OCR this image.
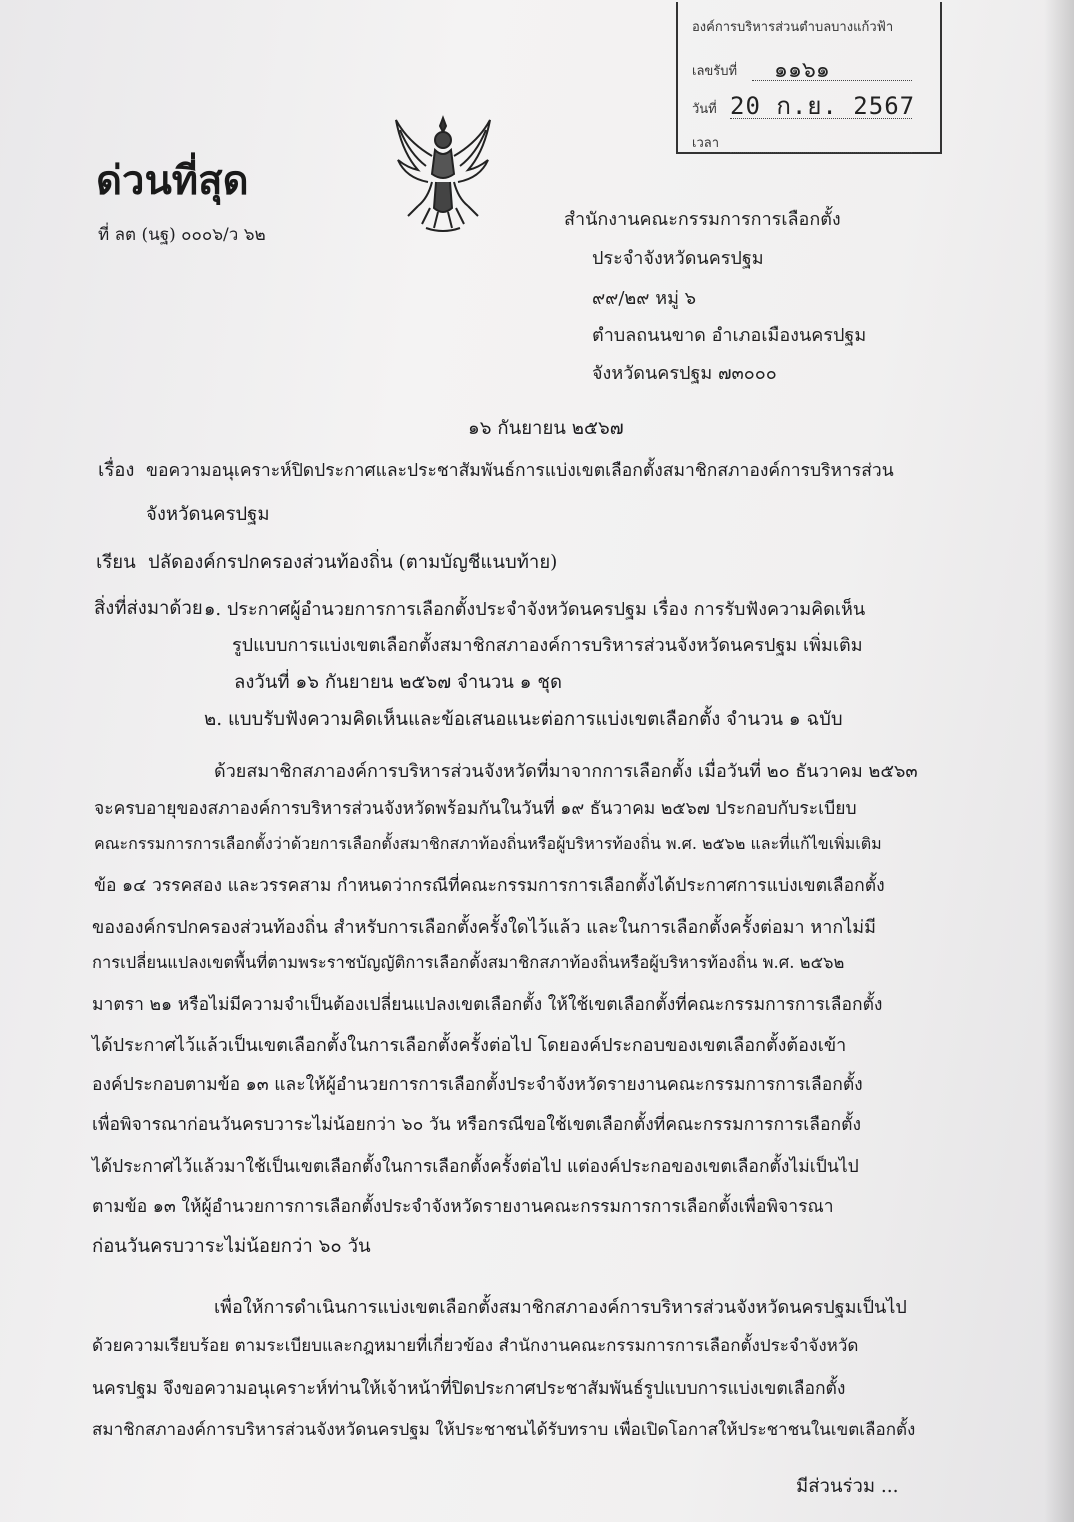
องค์การบริหารส่วนตำบลบางแก้วฟ้า
เลขรับที่	๑๑๖๑
วันที่ 20 ก.ย. 2567
เวลา
ด่วนที่สุด
ที่ ลต (นฐ) ๐๐๐๖/ว ๖๒
สำนักงานคณะกรรมการการเลือกตั้ง
ประจำจังหวัดนครปฐม
๙๙/๒๙ หมู่ ๖
ตำบลถนนขาด อำเภอเมืองนครปฐม
จังหวัดนครปฐม ๗๓๐๐๐
๑๖ กันยายน ๒๕๖๗
เรื่อง ขอความอนุเคราะห์ปิดประกาศและประชาสัมพันธ์การแบ่งเขตเลือกตั้งสมาชิกสภาองค์การบริหารส่วน
จังหวัดนครปฐม
เรียน ปลัดองค์กรปกครองส่วนท้องถิ่น (ตามบัญชีแนบท้าย)
สิ่งที่ส่งมาด้วย ๑. ประกาศผู้อำนวยการการเลือกตั้งประจำจังหวัดนครปฐม เรื่อง การรับฟังความคิดเห็น
รูปแบบการแบ่งเขตเลือกตั้งสมาชิกสภาองค์การบริหารส่วนจังหวัดนครปฐม เพิ่มเติม
ลงวันที่ ๑๖ กันยายน ๒๕๖๗ จำนวน ๑ ชุด
๒. แบบรับฟังความคิดเห็นและข้อเสนอแนะต่อการแบ่งเขตเลือกตั้ง จำนวน ๑ ฉบับ
ด้วยสมาชิกสภาองค์การบริหารส่วนจังหวัดที่มาจากการเลือกตั้ง เมื่อวันที่ ๒๐ ธันวาคม ๒๕๖๓
จะครบอายุของสภาองค์การบริหารส่วนจังหวัดพร้อมกันในวันที่ ๑๙ ธันวาคม ๒๕๖๗ ประกอบกับระเบียบ
คณะกรรมการการเลือกตั้งว่าด้วยการเลือกตั้งสมาชิกสภาท้องถิ่นหรือผู้บริหารท้องถิ่น พ.ศ. ๒๕๖๒ และที่แก้ไขเพิ่มเติม
ข้อ ๑๔ วรรคสอง และวรรคสาม กำหนดว่ากรณีที่คณะกรรมการการเลือกตั้งได้ประกาศการแบ่งเขตเลือกตั้ง
ขององค์กรปกครองส่วนท้องถิ่น สำหรับการเลือกตั้งครั้งใดไว้แล้ว และในการเลือกตั้งครั้งต่อมา หากไม่มี
การเปลี่ยนแปลงเขตพื้นที่ตามพระราชบัญญัติการเลือกตั้งสมาชิกสภาท้องถิ่นหรือผู้บริหารท้องถิ่น พ.ศ. ๒๕๖๒
มาตรา ๒๑ หรือไม่มีความจำเป็นต้องเปลี่ยนแปลงเขตเลือกตั้ง ให้ใช้เขตเลือกตั้งที่คณะกรรมการการเลือกตั้ง
ได้ประกาศไว้แล้วเป็นเขตเลือกตั้งในการเลือกตั้งครั้งต่อไป โดยองค์ประกอบของเขตเลือกตั้งต้องเข้า
องค์ประกอบตามข้อ ๑๓ และให้ผู้อำนวยการการเลือกตั้งประจำจังหวัดรายงานคณะกรรมการการเลือกตั้ง
เพื่อพิจารณาก่อนวันครบวาระไม่น้อยกว่า ๖๐ วัน หรือกรณีขอใช้เขตเลือกตั้งที่คณะกรรมการการเลือกตั้ง
ได้ประกาศไว้แล้วมาใช้เป็นเขตเลือกตั้งในการเลือกตั้งครั้งต่อไป แต่องค์ประกอของเขตเลือกตั้งไม่เป็นไป
ตามข้อ ๑๓ ให้ผู้อำนวยการการเลือกตั้งประจำจังหวัดรายงานคณะกรรมการการเลือกตั้งเพื่อพิจารณา
ก่อนวันครบวาระไม่น้อยกว่า ๖๐ วัน
เพื่อให้การดำเนินการแบ่งเขตเลือกตั้งสมาชิกสภาองค์การบริหารส่วนจังหวัดนครปฐมเป็นไป
ด้วยความเรียบร้อย ตามระเบียบและกฎหมายที่เกี่ยวข้อง สำนักงานคณะกรรมการการเลือกตั้งประจำจังหวัด
นครปฐม จึงขอความอนุเคราะห์ท่านให้เจ้าหน้าที่ปิดประกาศประชาสัมพันธ์รูปแบบการแบ่งเขตเลือกตั้ง
สมาชิกสภาองค์การบริหารส่วนจังหวัดนครปฐม ให้ประชาชนได้รับทราบ เพื่อเปิดโอกาสให้ประชาชนในเขตเลือกตั้ง
มีส่วนร่วม ...
